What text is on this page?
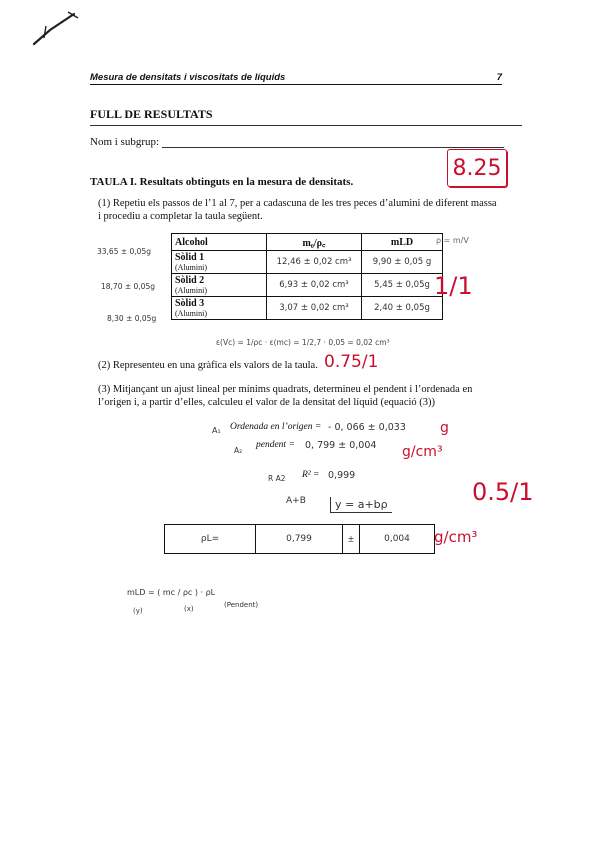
Mesura de densitats i viscositats de líquids	7
FULL DE RESULTATS
Nom i subgrup:
8.25
TAULA I. Resultats obtinguts en la mesura de densitats.
(1) Repetiu els passos de l’1 al 7, per a cadascuna de les tres peces d’alumini de diferent massa i procediu a completar la taula següent.
ρ = m/V
33,65 ± 0,05g
18,70 ± 0,05g
8,30 ± 0,05g
Alcohol	m₀/ρ꜀	mLD
Sòlid 1
(Alumini)	12,46 ± 0,02 cm³	9,90 ± 0,05 g
Sòlid 2
(Alumini)	6,93 ± 0,02 cm³	5,45 ± 0,05g
Sòlid 3
(Alumini)	3,07 ± 0,02 cm³	2,40 ± 0,05g
1/1
ε(Vc) = 1/ρc · ε(mc) = 1/2,7 · 0,05 = 0,02 cm³
(2) Representeu en una gràfica els valors de la taula. 0.75/1
(3) Mitjançant un ajust lineal per mínims quadrats, determineu el pendent i l’ordenada en l’origen i, a partir d’elles, calculeu el valor de la densitat del líquid (equació (3))
A₁ Ordenada en l’origen = - 0, 066 ± 0,033 g
A₂
pendent = 0, 799 ± 0,004 g/cm³
R A2 R² = 0,999
0.5/1
A+B	y = a+bρ
ρL=	0,799	±	0,004 g/cm³
mLD = ( mc / ρc ) · ρL
(y)	(x)	(Pendent)
